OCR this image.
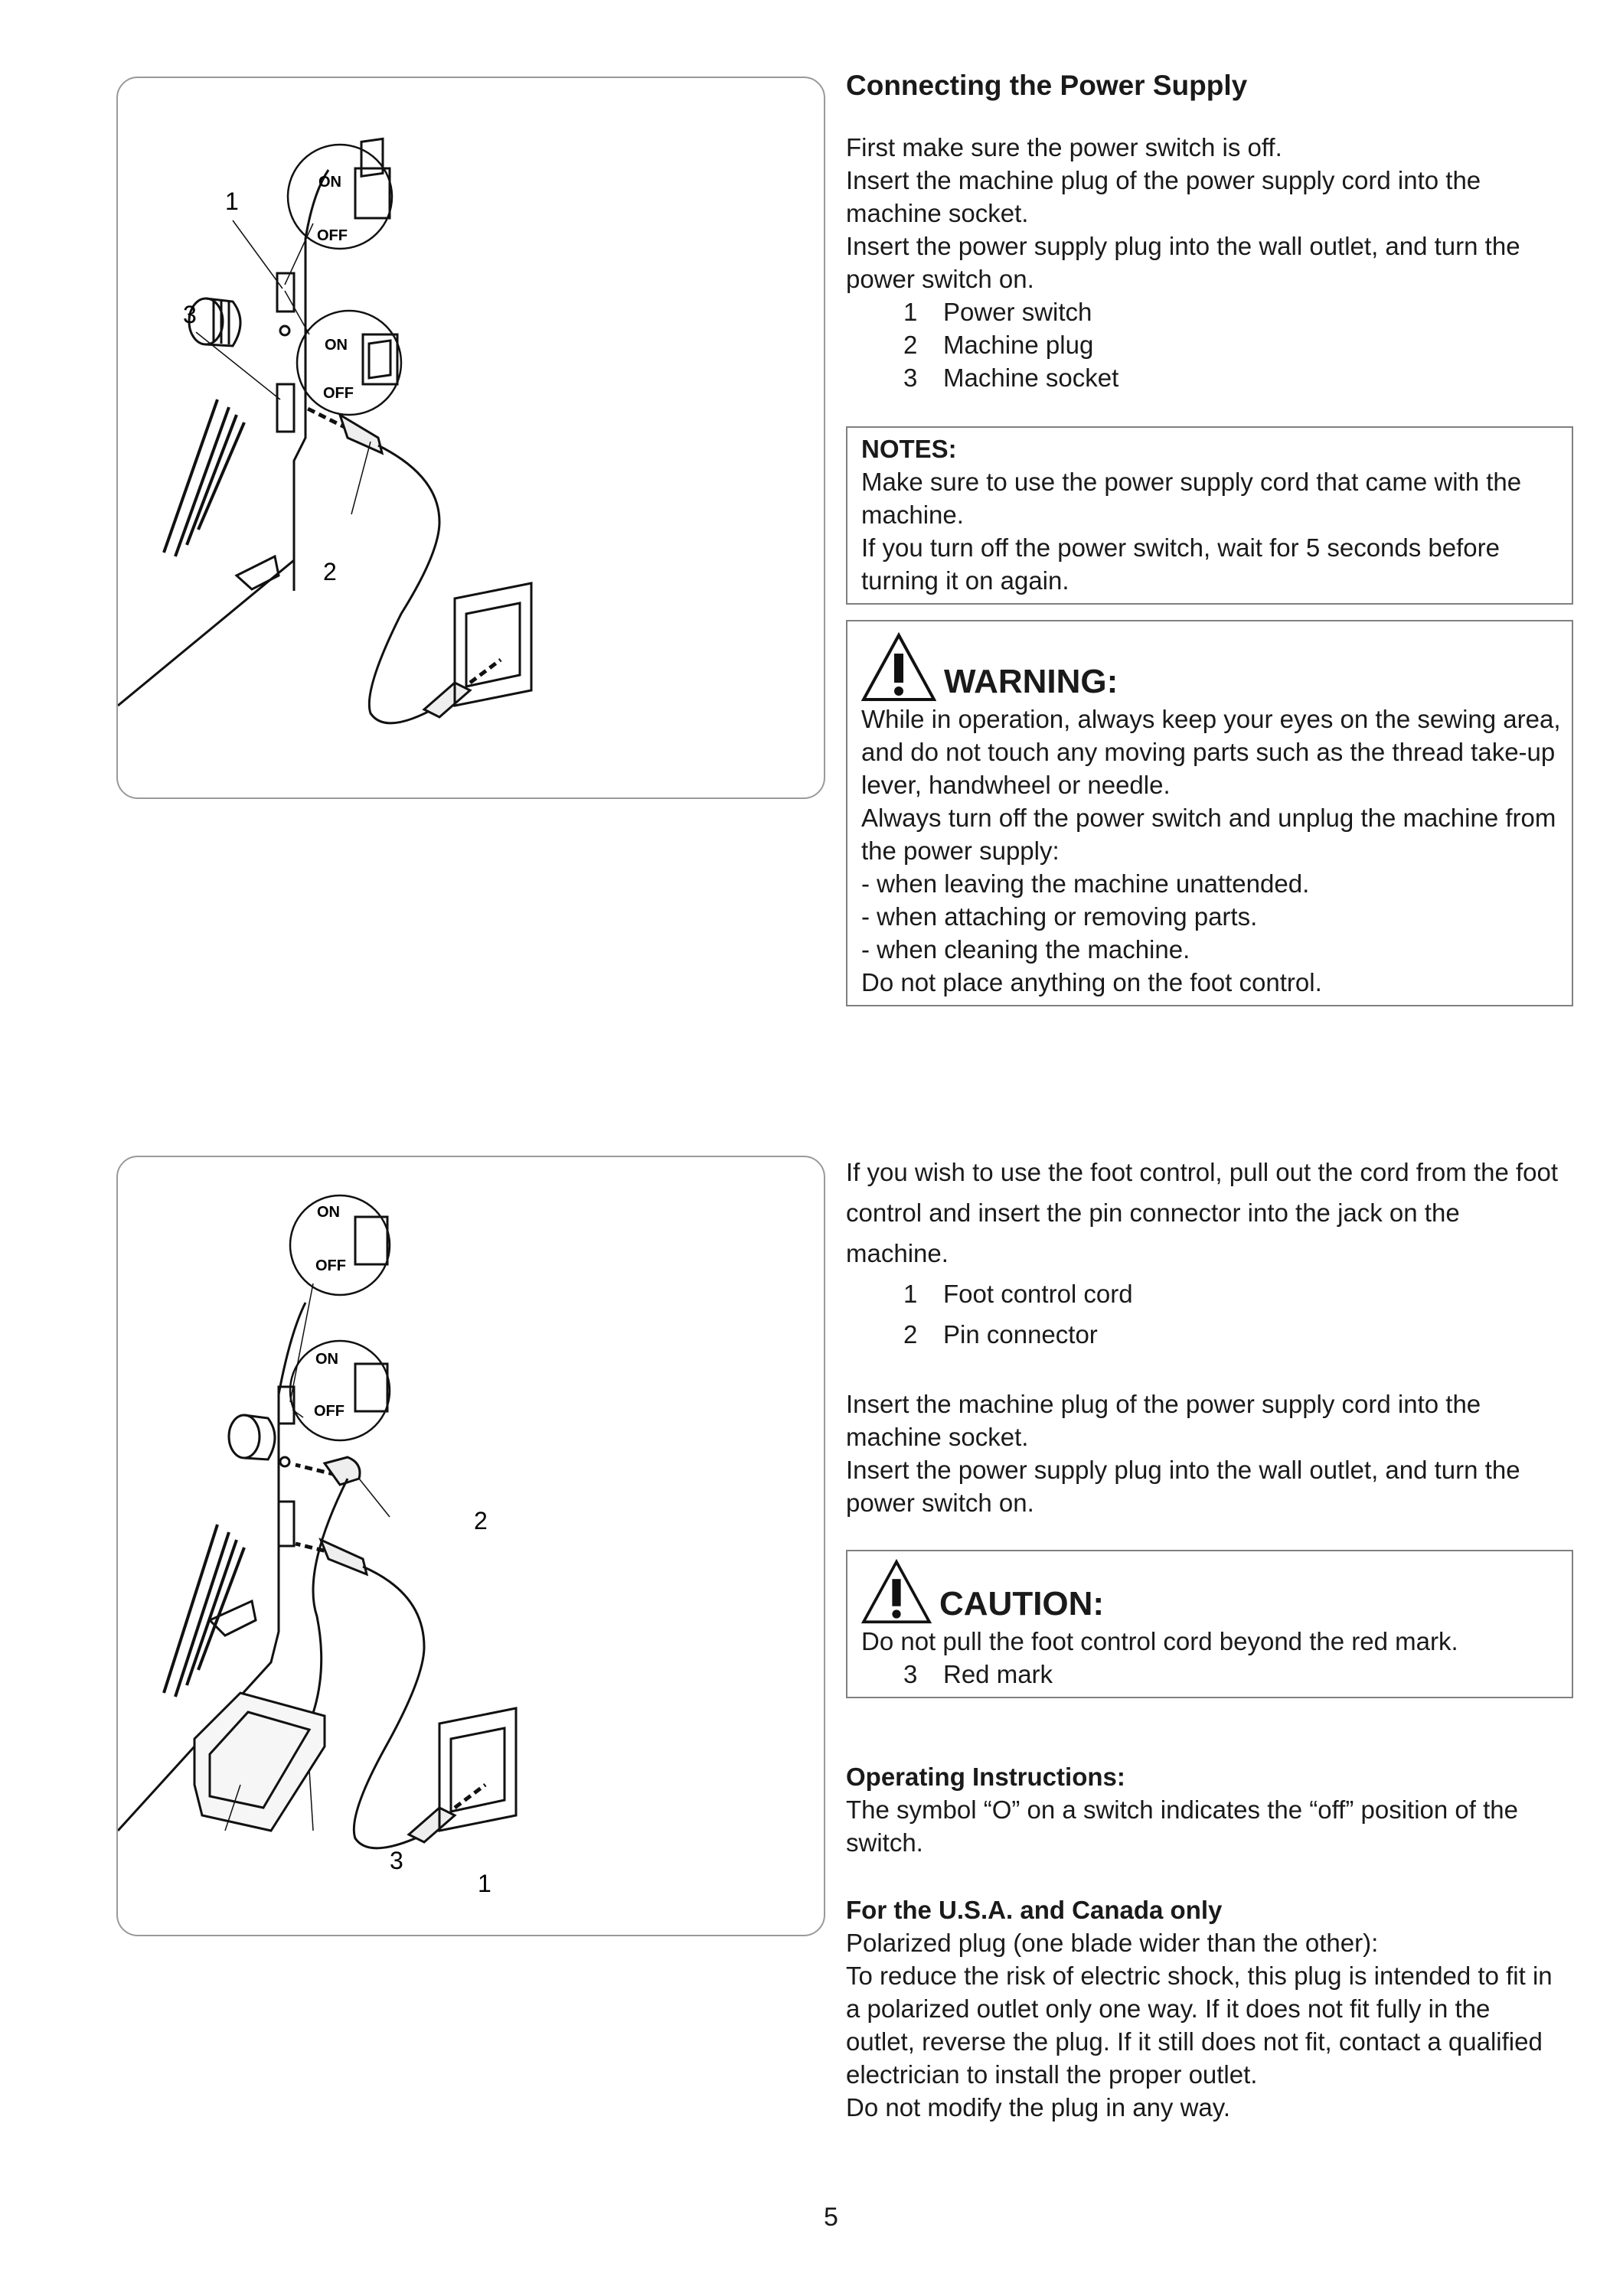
ON
OFF
ON
OFF
1
2
3
Connecting the Power Supply

First make sure the power switch is off.

Insert the machine plug of the power supply cord into the machine socket.

Insert the power supply plug into the wall outlet, and turn the power switch on.

1	Power switch
2	Machine plug
3	Machine socket
NOTES:
Make sure to use the power supply cord that came with the machine.
If you turn off the power switch, wait for 5 seconds before turning it on again.
WARNING:
While in operation, always keep your eyes on the sewing area, and do not touch any moving parts such as the thread take-up lever, handwheel or needle.
Always turn off the power switch and unplug the machine from the power supply:
- when leaving the machine unattended.
- when attaching or removing parts.
- when cleaning the machine.
Do not place anything on the foot control.
ON
OFF
ON
OFF
2
1
3

If you wish to use the foot control, pull out the cord from the foot control and insert the pin connector into the jack on the machine.

1	Foot control cord
2	Pin connector

Insert the machine plug of the power supply cord into the machine socket.

Insert the power supply plug into the wall outlet, and turn the power switch on.

CAUTION:
Do not pull the foot control cord beyond the red mark.
3	Red mark
Operating Instructions:

The symbol “O” on a switch indicates the “off” position of the switch.

For the U.S.A. and Canada only

Polarized plug (one blade wider than the other):

To reduce the risk of electric shock, this plug is intended to fit in a polarized outlet only one way. If it does not fit fully in the outlet, reverse the plug. If it still does not fit, contact a qualified electrician to install the proper outlet.

Do not modify the plug in any way.

5
